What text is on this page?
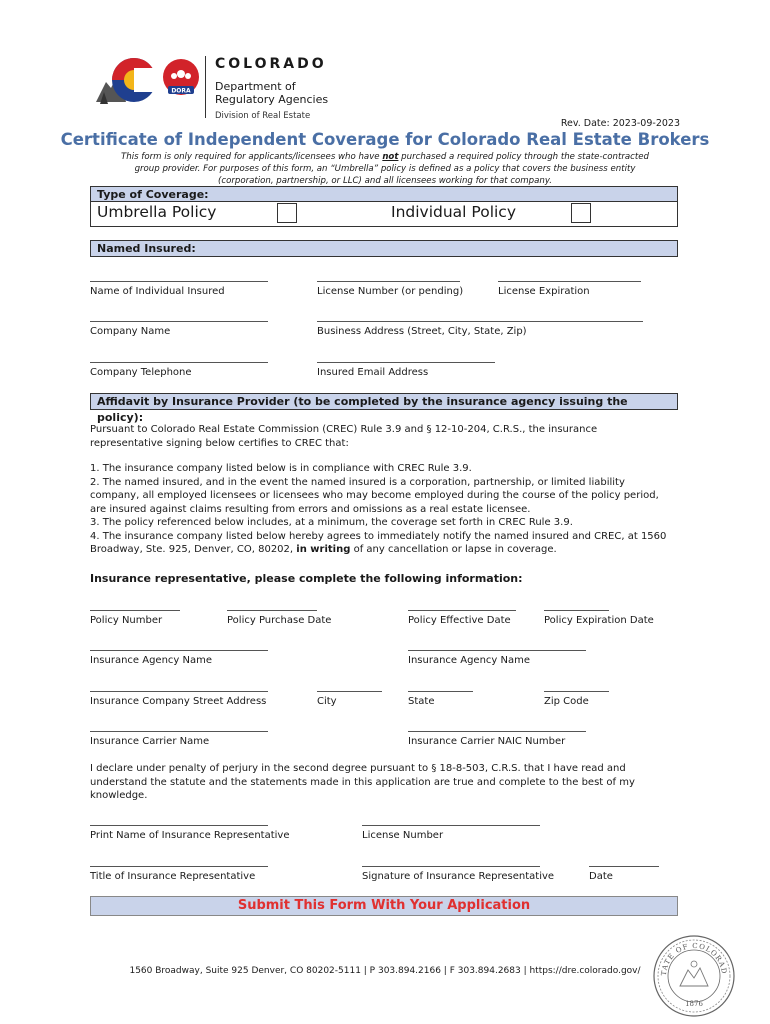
DORA
COLORADO
Department of
Regulatory Agencies
Division of Real Estate
Rev. Date: 2023-09-2023
Certificate of Independent Coverage for Colorado Real Estate Brokers
This form is only required for applicants/licensees who have not purchased a required policy through the state-contracted
group provider. For purposes of this form, an “Umbrella” policy is defined as a policy that covers the business entity
(corporation, partnership, or LLC) and all licensees working for that company.
Type of Coverage:
Umbrella Policy	Individual Policy
Named Insured:
Name of Individual Insured	License Number (or pending)	License Expiration
Company Name	Business Address (Street, City, State, Zip)
Company Telephone	Insured Email Address
Affidavit by Insurance Provider (to be completed by the insurance agency issuing the policy):
Pursuant to Colorado Real Estate Commission (CREC) Rule 3.9 and § 12-10-204, C.R.S., the insurance
representative signing below certifies to CREC that:
1. The insurance company listed below is in compliance with CREC Rule 3.9.
2. The named insured, and in the event the named insured is a corporation, partnership, or limited liability
company, all employed licensees or licensees who may become employed during the course of the policy period,
are insured against claims resulting from errors and omissions as a real estate licensee.
3. The policy referenced below includes, at a minimum, the coverage set forth in CREC Rule 3.9.
4. The insurance company listed below hereby agrees to immediately notify the named insured and CREC, at 1560
Broadway, Ste. 925, Denver, CO, 80202, in writing of any cancellation or lapse in coverage.
Insurance representative, please complete the following information:
Policy Number	Policy Purchase Date	Policy Effective Date	Policy Expiration Date
Insurance Agency Name	Insurance Agency Name
Insurance Company Street Address	City	State	Zip Code
Insurance Carrier Name	Insurance Carrier NAIC Number
I declare under penalty of perjury in the second degree pursuant to § 18-8-503, C.R.S. that I have read and
understand the statute and the statements made in this application are true and complete to the best of my
knowledge.
Print Name of Insurance Representative	License Number
Title of Insurance Representative	Signature of Insurance Representative	Date
Submit This Form With Your Application
1560 Broadway, Suite 925 Denver, CO 80202-5111 | P 303.894.2166 | F 303.894.2683 | https://dre.colorado.gov/	TATE OF COLORAD
1876
